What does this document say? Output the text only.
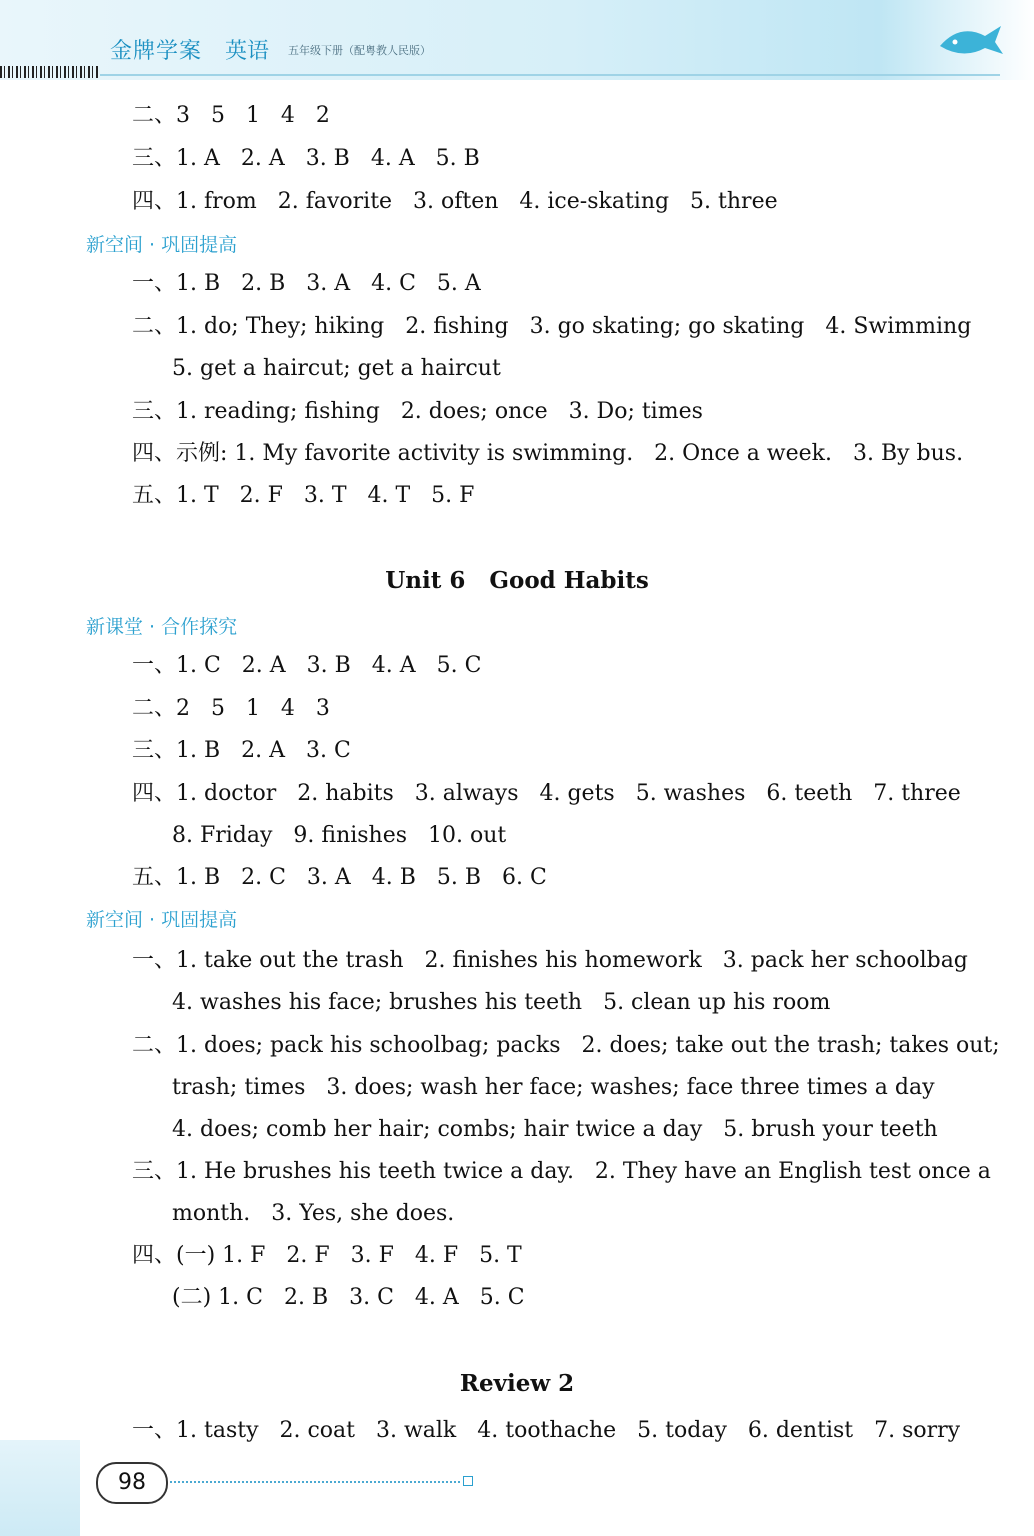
金牌学案 英语 五年级下册（配粤教人民版）
二、3   5   1   4   2
三、1. A   2. A   3. B   4. A   5. B
四、1. from   2. favorite   3. often   4. ice-skating   5. three
新空间 · 巩固提高
一、1. B   2. B   3. A   4. C   5. A
二、1. do; They; hiking   2. fishing   3. go skating; go skating   4. Swimming
5. get a haircut; get a haircut
三、1. reading; fishing   2. does; once   3. Do; times
四、示例: 1. My favorite activity is swimming.   2. Once a week.   3. By bus.
五、1. T   2. F   3. T   4. T   5. F
Unit 6   Good Habits
新课堂 · 合作探究
一、1. C   2. A   3. B   4. A   5. C
二、2   5   1   4   3
三、1. B   2. A   3. C
四、1. doctor   2. habits   3. always   4. gets   5. washes   6. teeth   7. three
8. Friday   9. finishes   10. out
五、1. B   2. C   3. A   4. B   5. B   6. C
新空间 · 巩固提高
一、1. take out the trash   2. finishes his homework   3. pack her schoolbag
4. washes his face; brushes his teeth   5. clean up his room
二、1. does; pack his schoolbag; packs   2. does; take out the trash; takes out;
trash; times   3. does; wash her face; washes; face three times a day
4. does; comb her hair; combs; hair twice a day   5. brush your teeth
三、1. He brushes his teeth twice a day.   2. They have an English test once a
month.   3. Yes, she does.
四、(一) 1. F   2. F   3. F   4. F   5. T
(二) 1. C   2. B   3. C   4. A   5. C
Review 2
一、1. tasty   2. coat   3. walk   4. toothache   5. today   6. dentist   7. sorry
98
